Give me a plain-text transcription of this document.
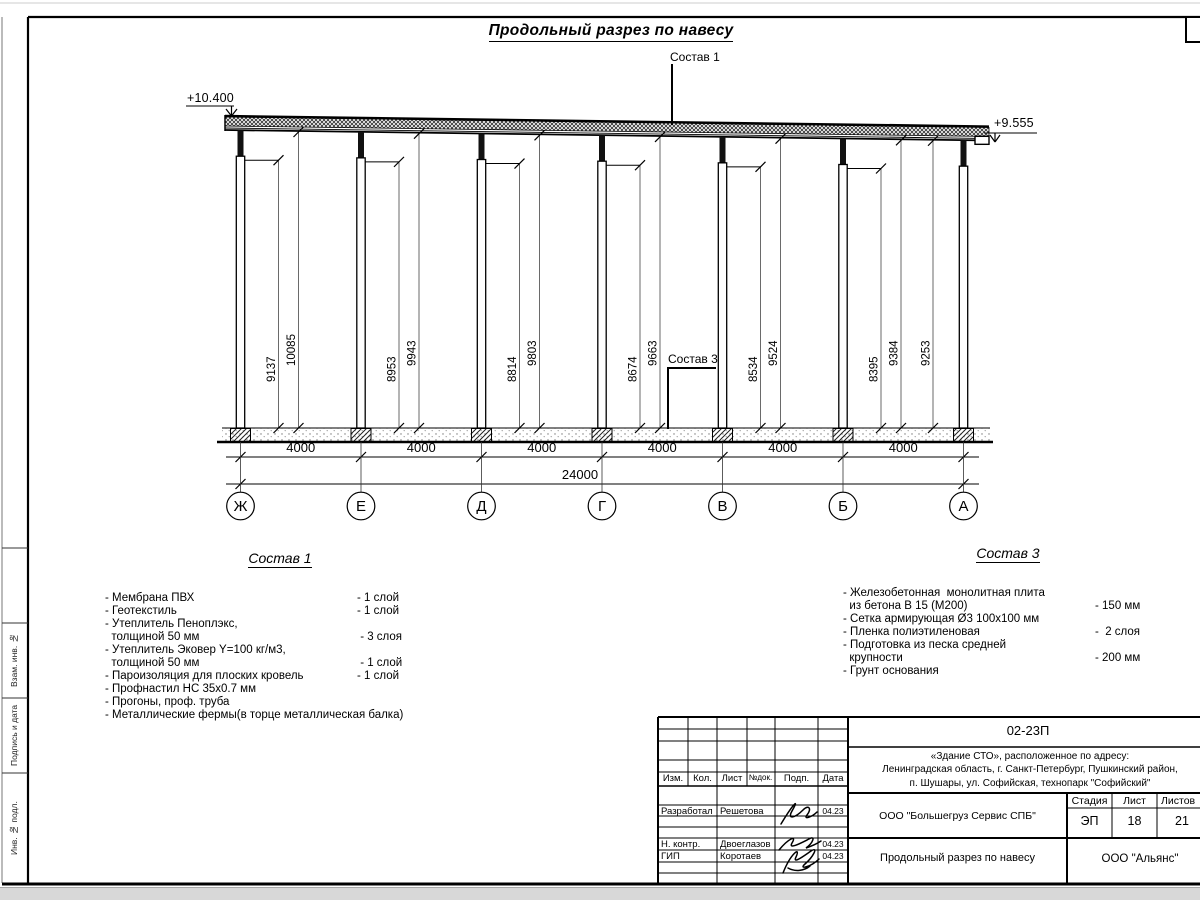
9137
10085
8953
9943
8814
9803
8674
9663
8534
9524
8395
9384 9253
4000	4000	4000	4000	4000	4000
24000
Ж	Е	Д	Г	В	Б	А
Продольный разрез по навесу
Состав 1
Состав 3
+10.400
+9.555
Состав 1
- Мембрана ПВХ	- 1 слой
- Геотекстиль	- 1 слой
- Утеплитель Пеноплэкс,
толщиной 50 мм	- 3 слоя
- Утеплитель Эковер Y=100 кг/м3,
толщиной 50 мм	- 1 слой
- Пароизоляция для плоских кровель	- 1 слой
- Профнастил НС 35х0.7 мм
- Прогоны, проф. труба
- Металлические фермы(в торце металлическая балка)
Состав 3
- Железобетонная  монолитная плита
из бетона В 15 (М200)	- 150 мм
- Сетка армирующая Ø3 100х100 мм
- Пленка полиэтиленовая	-  2 слоя
- Подготовка из песка средней
крупности	- 200 мм
- Грунт основания
02-23П
«Здание СТО», расположенное по адресу:
Ленинградская область, г. Санкт-Петербург, Пушкинский район,
п. Шушары, ул. Софийская, технопарк "Софийский"
ООО "Большегруз Сервис СПБ"
Стадия	Лист	Листов
ЭП	18	21
Продольный разрез по навесу	ООО "Альянс"
Изм.	Кол.	Лист №док.	Подп.	Дата
Разработал Решетова	04.23
Н. контр.	Двоеглазов	04.23
ГИП	Коротаев	04.23
Взам. инв. №
Подпись и дата
Инв. № подл.
